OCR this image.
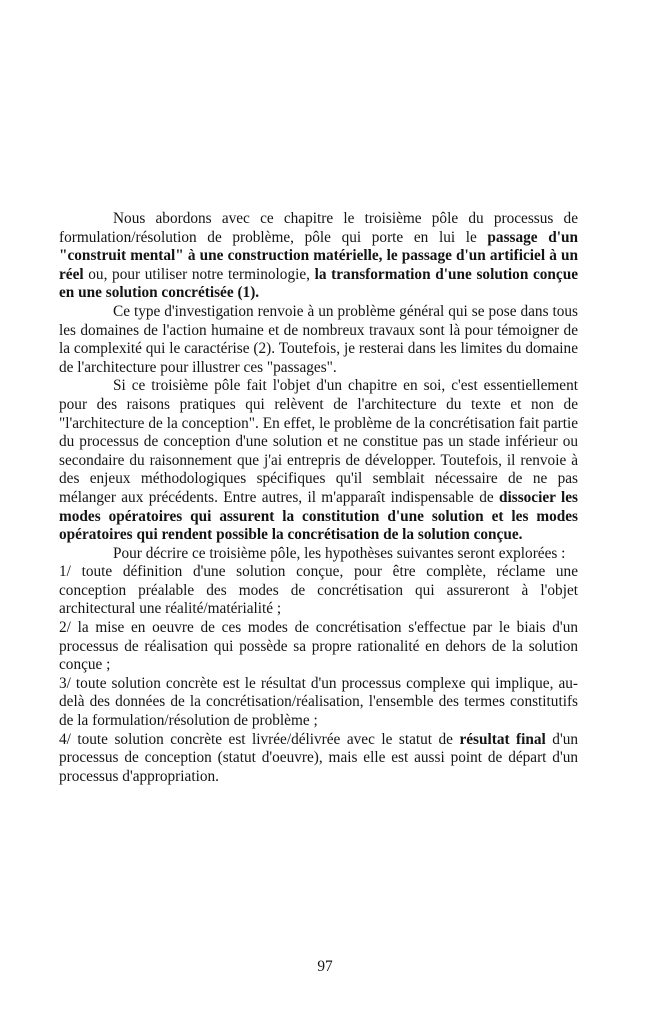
Nous abordons avec ce chapitre le troisième pôle du processus de formulation/résolution de problème, pôle qui porte en lui le passage d'un "construit mental" à une construction matérielle, le passage d'un artificiel à un réel ou, pour utiliser notre terminologie, la transformation d'une solution conçue en une solution concrétisée (1).

Ce type d'investigation renvoie à un problème général qui se pose dans tous les domaines de l'action humaine et de nombreux travaux sont là pour témoigner de la complexité qui le caractérise (2). Toutefois, je resterai dans les limites du domaine de l'architecture pour illustrer ces "passages".

Si ce troisième pôle fait l'objet d'un chapitre en soi, c'est essentiellement pour des raisons pratiques qui relèvent de l'architecture du texte et non de "l'architecture de la conception". En effet, le problème de la concrétisation fait partie du processus de conception d'une solution et ne constitue pas un stade inférieur ou secondaire du raisonnement que j'ai entrepris de développer. Toutefois, il renvoie à des enjeux méthodologiques spécifiques qu'il semblait nécessaire de ne pas mélanger aux précédents. Entre autres, il m'apparaît indispensable de dissocier les modes opératoires qui assurent la constitution d'une solution et les modes opératoires qui rendent possible la concrétisation de la solution conçue.

Pour décrire ce troisième pôle, les hypothèses suivantes seront explorées :

1/ toute définition d'une solution conçue, pour être complète, réclame une conception préalable des modes de concrétisation qui assureront à l'objet architectural une réalité/matérialité ;

2/ la mise en oeuvre de ces modes de concrétisation s'effectue par le biais d'un processus de réalisation qui possède sa propre rationalité en dehors de la solution conçue ;

3/ toute solution concrète est le résultat d'un processus complexe qui implique, au-delà des données de la concrétisation/réalisation, l'ensemble des termes constitutifs de la formulation/résolution de problème ;

4/ toute solution concrète est livrée/délivrée avec le statut de résultat final d'un processus de conception (statut d'oeuvre), mais elle est aussi point de départ d'un processus d'appropriation.

97
